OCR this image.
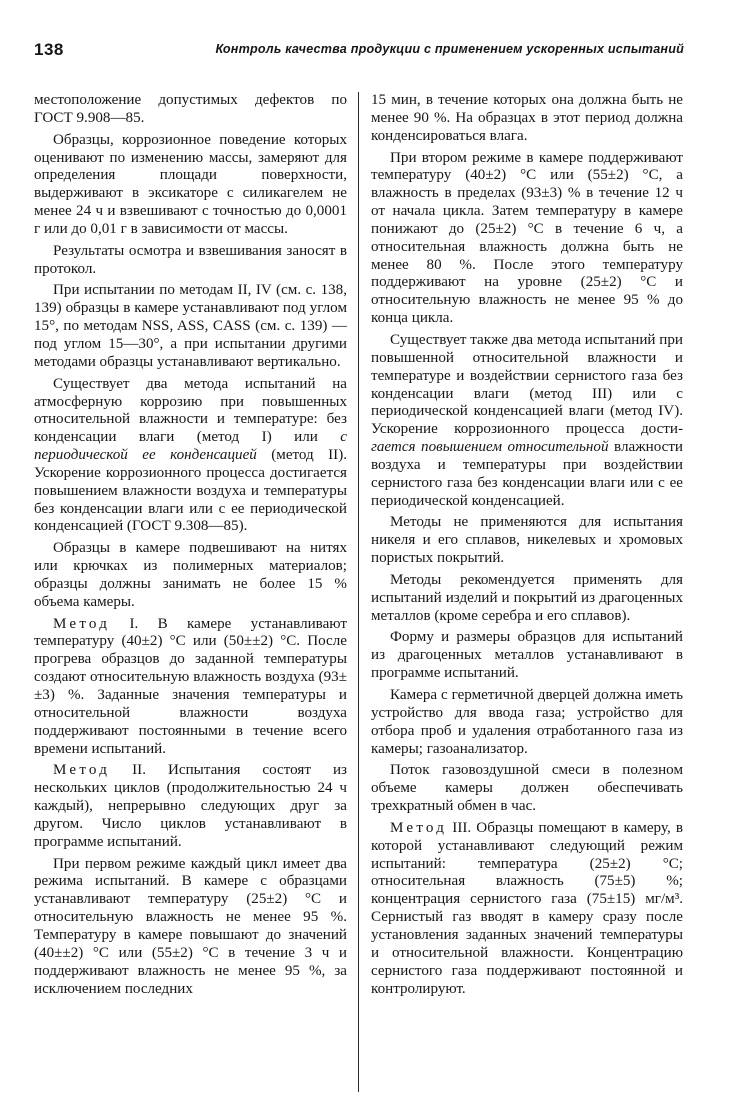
138	Контроль качества продукции с применением ускоренных испытаний

местоположение допустимых дефектов по ГОСТ 9.908—85.

Образцы, коррозионное поведение которых оценивают по изменению массы, замеряют для определения площади поверхности, выдерживают в эксикаторе с силикагелем не менее 24 ч и взвешивают с точностью до 0,0001 г или до 0,01 г в зависимости от массы.

Результаты осмотра и взвешивания заносят в протокол.

При испытании по методам II, IV (см. с. 138, 139) образцы в камере устанавливают под углом 15°, по методам NSS, ASS, CASS (см. с. 139) — под углом 15—30°, а при испытании другими методами образцы устанавливают вертикально.

Существует два метода испытаний на атмосферную коррозию при повышенных относительной влажности и температуре: без конденсации влаги (метод I) или с периодической ее конденсацией (метод II). Ускорение коррозионного процесса достигается повышением влажности воздуха и температуры без конденсации влаги или с ее периодической конденсацией (ГОСТ 9.308—85).

Образцы в камере подвешивают на нитях или крючках из полимерных материалов; образцы должны занимать не более 15 % объема камеры.

Метод I. В камере устанавливают температуру (40±2) °С или (50±±2) °С. После прогрева образцов до заданной температуры создают относительную влажность воздуха (93±±3) %. Заданные значения температуры и относительной влажности воздуха поддерживают постоянными в течение всего времени испытаний.

Метод II. Испытания состоят из нескольких циклов (продолжительностью 24 ч каждый), непрерывно следующих друг за другом. Число циклов устанавливают в программе испытаний.

При первом режиме каждый цикл имеет два режима испытаний. В камере с образцами устанавливают температуру (25±2) °С и относительную влажность не менее 95 %. Температуру в камере повышают до значений (40±±2) °С или (55±2) °С в течение 3 ч и поддерживают влажность не менее 95 %, за исключением последних

15 мин, в течение которых она должна быть не менее 90 %. На образцах в этот период должна конденсироваться влага.

При втором режиме в камере поддерживают температуру (40±2) °С или (55±2) °С, а влажность в пределах (93±3) % в течение 12 ч от начала цикла. Затем температуру в камере понижают до (25±2) °С в течение 6 ч, а относительная влажность должна быть не менее 80 %. После этого температуру поддерживают на уровне (25±2) °С и относительную влажность не менее 95 % до конца цикла.

Существует также два метода испытаний при повышенной относительной влажности и температуре и воздействии сернистого газа без конденсации влаги (метод III) или с периодической конденсацией влаги (метод IV). Ускорение коррозионного процесса дости-гается повышением относительной влажности воздуха и температуры при воздействии сернистого газа без конденсации влаги или с ее периодической конденсацией.

Методы не применяются для испытания никеля и его сплавов, никелевых и хромовых пористых покрытий.

Методы рекомендуется применять для испытаний изделий и покрытий из драгоценных металлов (кроме серебра и его сплавов).

Форму и размеры образцов для испытаний из драгоценных металлов устанавливают в программе испытаний.

Камера с герметичной дверцей должна иметь устройство для ввода газа; устройство для отбора проб и удаления отработанного газа из камеры; газоанализатор.

Поток газовоздушной смеси в полезном объеме камеры должен обеспечивать трехкратный обмен в час.

Метод III. Образцы помещают в камеру, в которой устанавливают следующий режим испытаний: температура (25±2) °С; относительная влажность (75±5) %; концентрация сернистого газа (75±15) мг/м³. Сернистый газ вводят в камеру сразу после установления заданных значений температуры и относительной влажности. Концентрацию сернистого газа поддерживают постоянной и контролируют.
